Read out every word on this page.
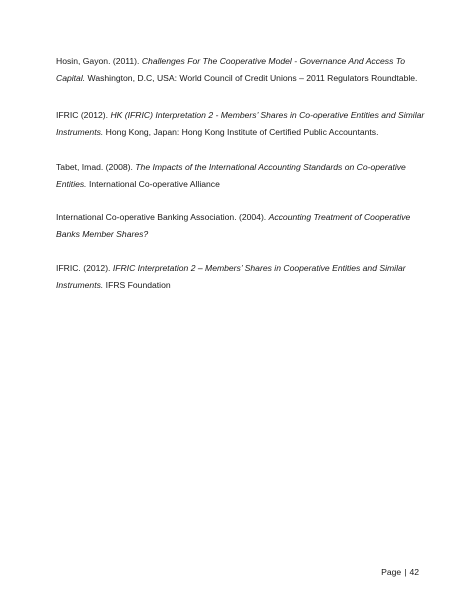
Hosin, Gayon. (2011). Challenges For The Cooperative Model - Governance And Access To Capital. Washington, D.C, USA: World Council of Credit Unions – 2011 Regulators Roundtable.
IFRIC (2012). HK (IFRIC) Interpretation 2 - Members’ Shares in Co-operative Entities and Similar Instruments. Hong Kong, Japan: Hong Kong Institute of Certified Public Accountants.
Tabet, Imad. (2008). The Impacts of the International Accounting Standards on Co-operative Entities. International Co-operative Alliance
International Co-operative Banking Association. (2004). Accounting Treatment of Cooperative Banks Member Shares?
IFRIC. (2012). IFRIC Interpretation 2 – Members’ Shares in Cooperative Entities and Similar Instruments. IFRS Foundation
Page | 42
